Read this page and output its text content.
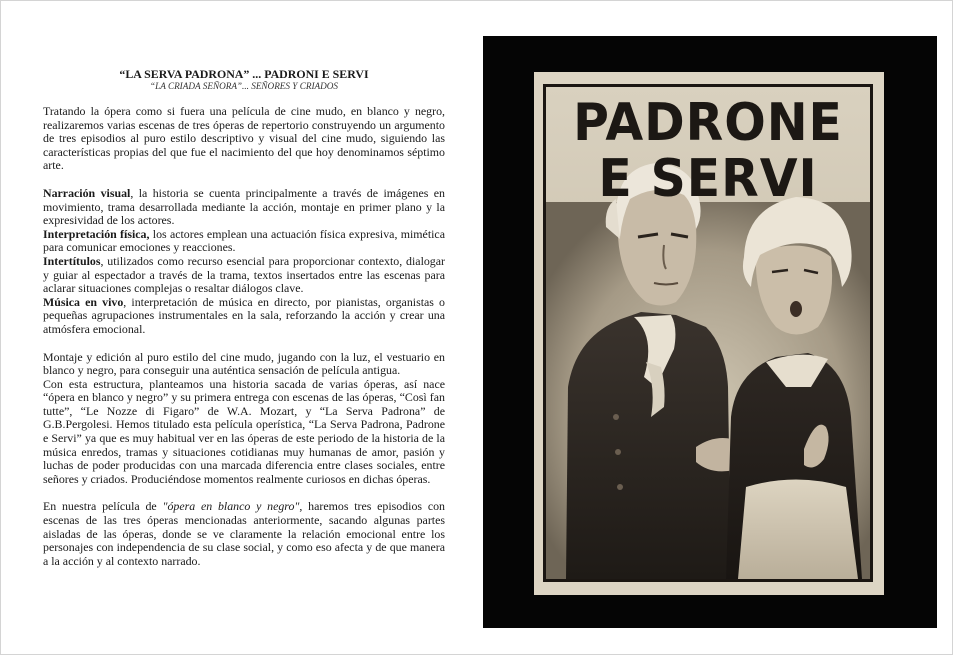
“LA SERVA PADRONA” ... PADRONI E SERVI
“LA CRIADA SEÑORA”... SEÑORES Y CRIADOS

Tratando la ópera como si fuera una película de cine mudo, en blanco y negro, realizaremos varias escenas de tres óperas de repertorio construyendo un argumento de tres episodios al puro estilo descriptivo y visual del cine mudo, siguiendo las características propias del que fue el nacimiento del que hoy denominamos séptimo arte.

Narración visual, la historia se cuenta principalmente a través de imágenes en movimiento, trama desarrollada mediante la acción, montaje en primer plano y la expresividad de los actores.

Interpretación física, los actores emplean una actuación física expresiva, mimética para comunicar emociones y reacciones.

Intertítulos, utilizados como recurso esencial para proporcionar contexto, dialogar y guiar al espectador a través de la trama, textos insertados entre las escenas para aclarar situaciones complejas o resaltar diálogos clave.

Música en vivo, interpretación de música en directo, por pianistas, organistas o pequeñas agrupaciones instrumentales en la sala, reforzando la acción y crear una atmósfera emocional.

Montaje y edición al puro estilo del cine mudo, jugando con la luz, el vestuario en blanco y negro, para conseguir una auténtica sensación de película antigua.

Con esta estructura, planteamos una historia sacada de varias óperas, así nace “ópera en blanco y negro” y su primera entrega con escenas de las óperas, “Così fan tutte”, “Le Nozze di Figaro” de W.A. Mozart, y “La Serva Padrona” de G.B.Pergolesi. Hemos titulado esta película operística, “La Serva Padrona, Padrone e Servi” ya que es muy habitual ver en las óperas de este periodo de la historia de la música enredos, tramas y situaciones cotidianas muy humanas de amor, pasión y luchas de poder producidas con una marcada diferencia entre clases sociales, entre señores y criados. Produciéndose momentos realmente curiosos en dichas óperas.

En nuestra película de "ópera en blanco y negro", haremos tres episodios con escenas de las tres óperas mencionadas anteriormente, sacando algunas partes aisladas de las óperas, donde se ve claramente la relación emocional entre los personajes con independencia de su clase social, y como eso afecta y de que manera a la acción y al contexto narrado.

PADRONE
E SERVI
